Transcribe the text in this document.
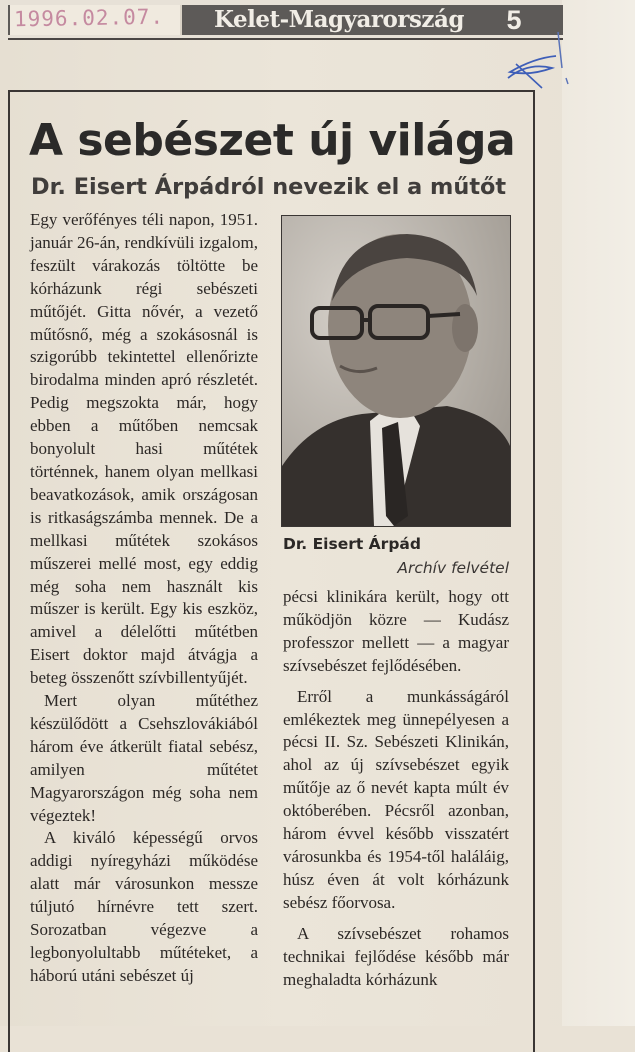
1996.02.07. Kelet-Magyarország	5
A sebészet új világa
Dr. Eisert Árpádról nevezik el a műtőt

Egy verőfényes téli napon, 1951. január 26-án, rendkívüli izgalom, feszült várakozás töltötte be kórházunk régi sebészeti műtőjét. Gitta nővér, a vezető műtősnő, még a szokásosnál is szigorúbb tekintettel ellenőrizte birodalma minden apró részletét. Pedig megszokta már, hogy ebben a műtőben nemcsak bonyolult hasi műtétek történnek, hanem olyan mellkasi beavatkozások, amik országosan is ritkaságszámba mennek. De a mellkasi műtétek szokásos műszerei mellé most, egy eddig még soha nem használt kis műszer is került. Egy kis eszköz, amivel a délelőtti műtétben Eisert doktor majd átvágja a beteg összenőtt szívbillentyűjét.

Mert olyan műtéthez készülődött a Csehszlovákiából három éve átkerült fiatal sebész, amilyen műtétet Magyarországon még soha nem végeztek!

A kiváló képességű orvos addigi nyíregyházi működése alatt már városunkon messze túljutó hírnévre tett szert. Sorozatban végezve a legbonyolultabb műtéteket, a háború utáni sebészet új

Dr. Eisert Árpád

Archív felvétel

pécsi klinikára került, hogy ott működjön közre — Kudász professzor mellett — a magyar szívsebészet fejlődésében.

Erről a munkásságáról emlékeztek meg ünnepélyesen a pécsi II. Sz. Sebészeti Klinikán, ahol az új szívsebészet egyik műtője az ő nevét kapta múlt év októberében. Pécsről azonban, három évvel később visszatért városunkba és 1954-től haláláig, húsz éven át volt kórházunk sebész főorvosa.

A szívsebészet rohamos technikai fejlődése később már meghaladta kórházunk
